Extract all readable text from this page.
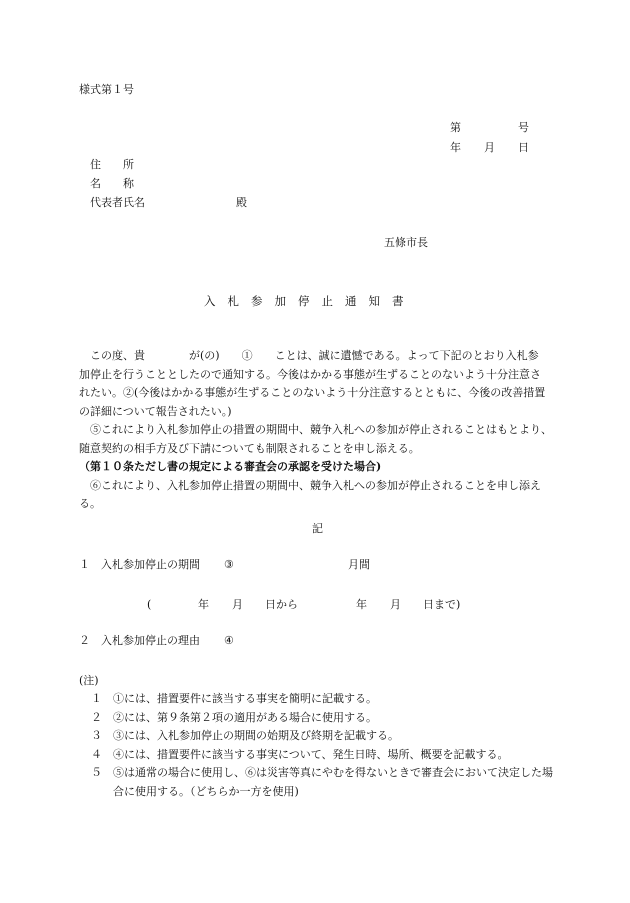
様式第１号
第	号
年 月 日
住　　所
名　　称
代表者氏名	殿
五條市長
入札参加停止通知書
この度、貴　　　　が(の)　　①　　ことは、誠に遺憾である。よって下記のとおり入札参
加停止を行うこととしたので通知する。今後はかかる事態が生ずることのないよう十分注意さ
れたい。②(今後はかかる事態が生ずることのないよう十分注意するとともに、今後の改善措置
の詳細について報告されたい。)
⑤これにより入札参加停止の措置の期間中、競争入札への参加が停止されることはもとより、
随意契約の相手方及び下請についても制限されることを申し添える。
（第１０条ただし書の規定による審査会の承認を受けた場合)
⑥これにより、入札参加停止措置の期間中、競争入札への参加が停止されることを申し添え
る。
記
１　入札参加停止の期間 ③	月間
(	年 月 日から	年 月 日まで)
２　入札参加停止の理由 ④
(注)
１ ①には、措置要件に該当する事実を簡明に記載する。
２ ②には、第９条第２項の適用がある場合に使用する。
３ ③には、入札参加停止の期間の始期及び終期を記載する。
４ ④には、措置要件に該当する事実について、発生日時、場所、概要を記載する。
５ ⑤は通常の場合に使用し、⑥は災害等真にやむを得ないときで審査会において決定した場合に使用する。（どちらか一方を使用)
